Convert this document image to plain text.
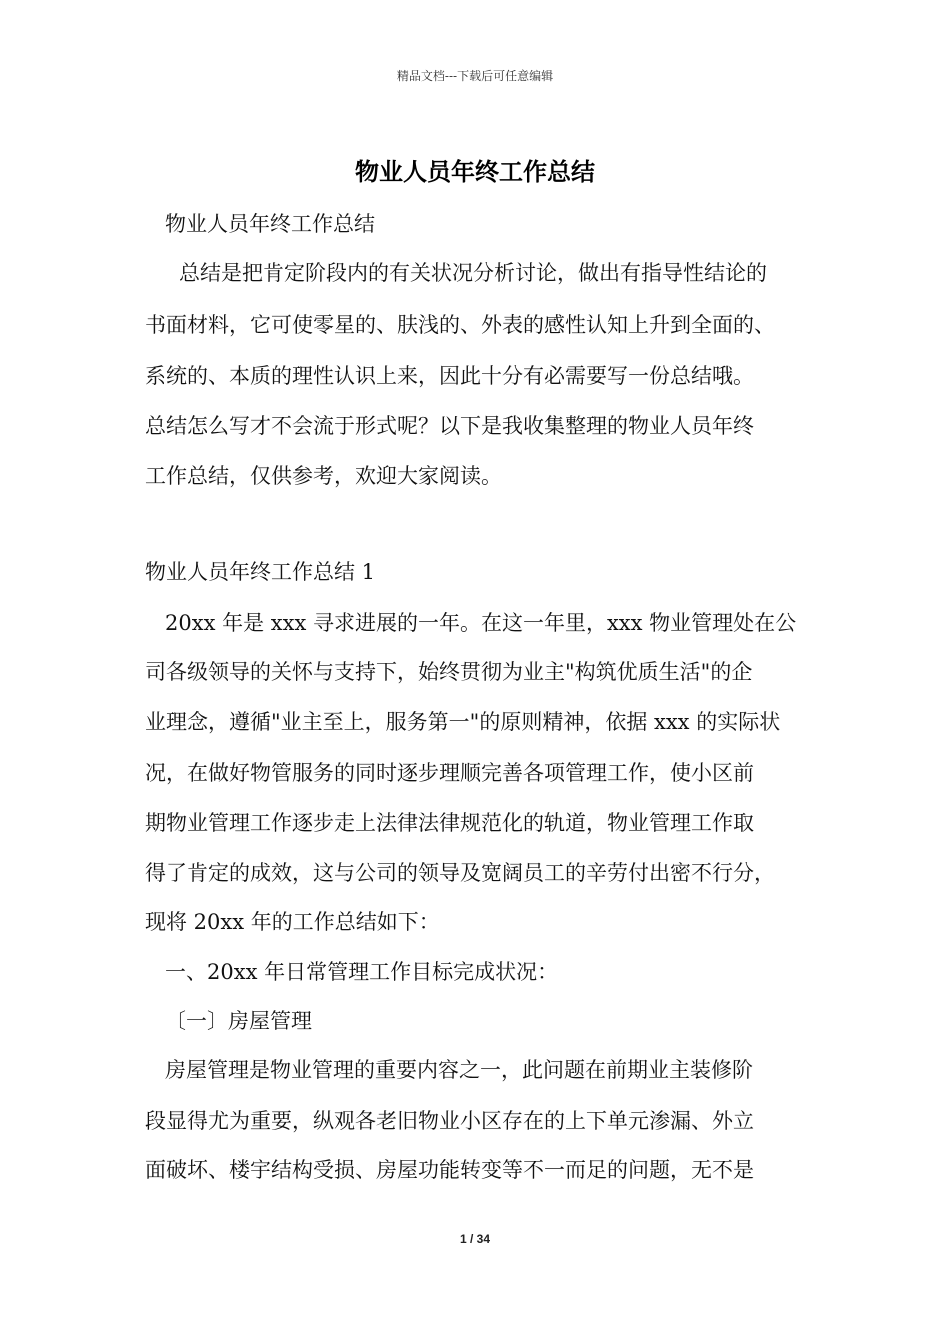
精品文档---下载后可任意编辑
物业人员年终工作总结
物业人员年终工作总结
总结是把肯定阶段内的有关状况分析讨论，做出有指导性结论的
书面材料，它可使零星的、肤浅的、外表的感性认知上升到全面的、
系统的、本质的理性认识上来，因此十分有必需要写一份总结哦。
总结怎么写才不会流于形式呢？以下是我收集整理的物业人员年终
工作总结，仅供参考，欢迎大家阅读。
物业人员年终工作总结 1
20xx 年是 xxx 寻求进展的一年。在这一年里，xxx 物业管理处在公
司各级领导的关怀与支持下，始终贯彻为业主"构筑优质生活"的企
业理念，遵循"业主至上，服务第一"的原则精神，依据 xxx 的实际状
况，在做好物管服务的同时逐步理顺完善各项管理工作，使小区前
期物业管理工作逐步走上法律法律规范化的轨道，物业管理工作取
得了肯定的成效，这与公司的领导及宽阔员工的辛劳付出密不行分，
现将 20xx 年的工作总结如下：
一、20xx 年日常管理工作目标完成状况：
〔一〕房屋管理
房屋管理是物业管理的重要内容之一，此问题在前期业主装修阶
段显得尤为重要，纵观各老旧物业小区存在的上下单元渗漏、外立
面破坏、楼宇结构受损、房屋功能转变等不一而足的问题，无不是
1 / 34
